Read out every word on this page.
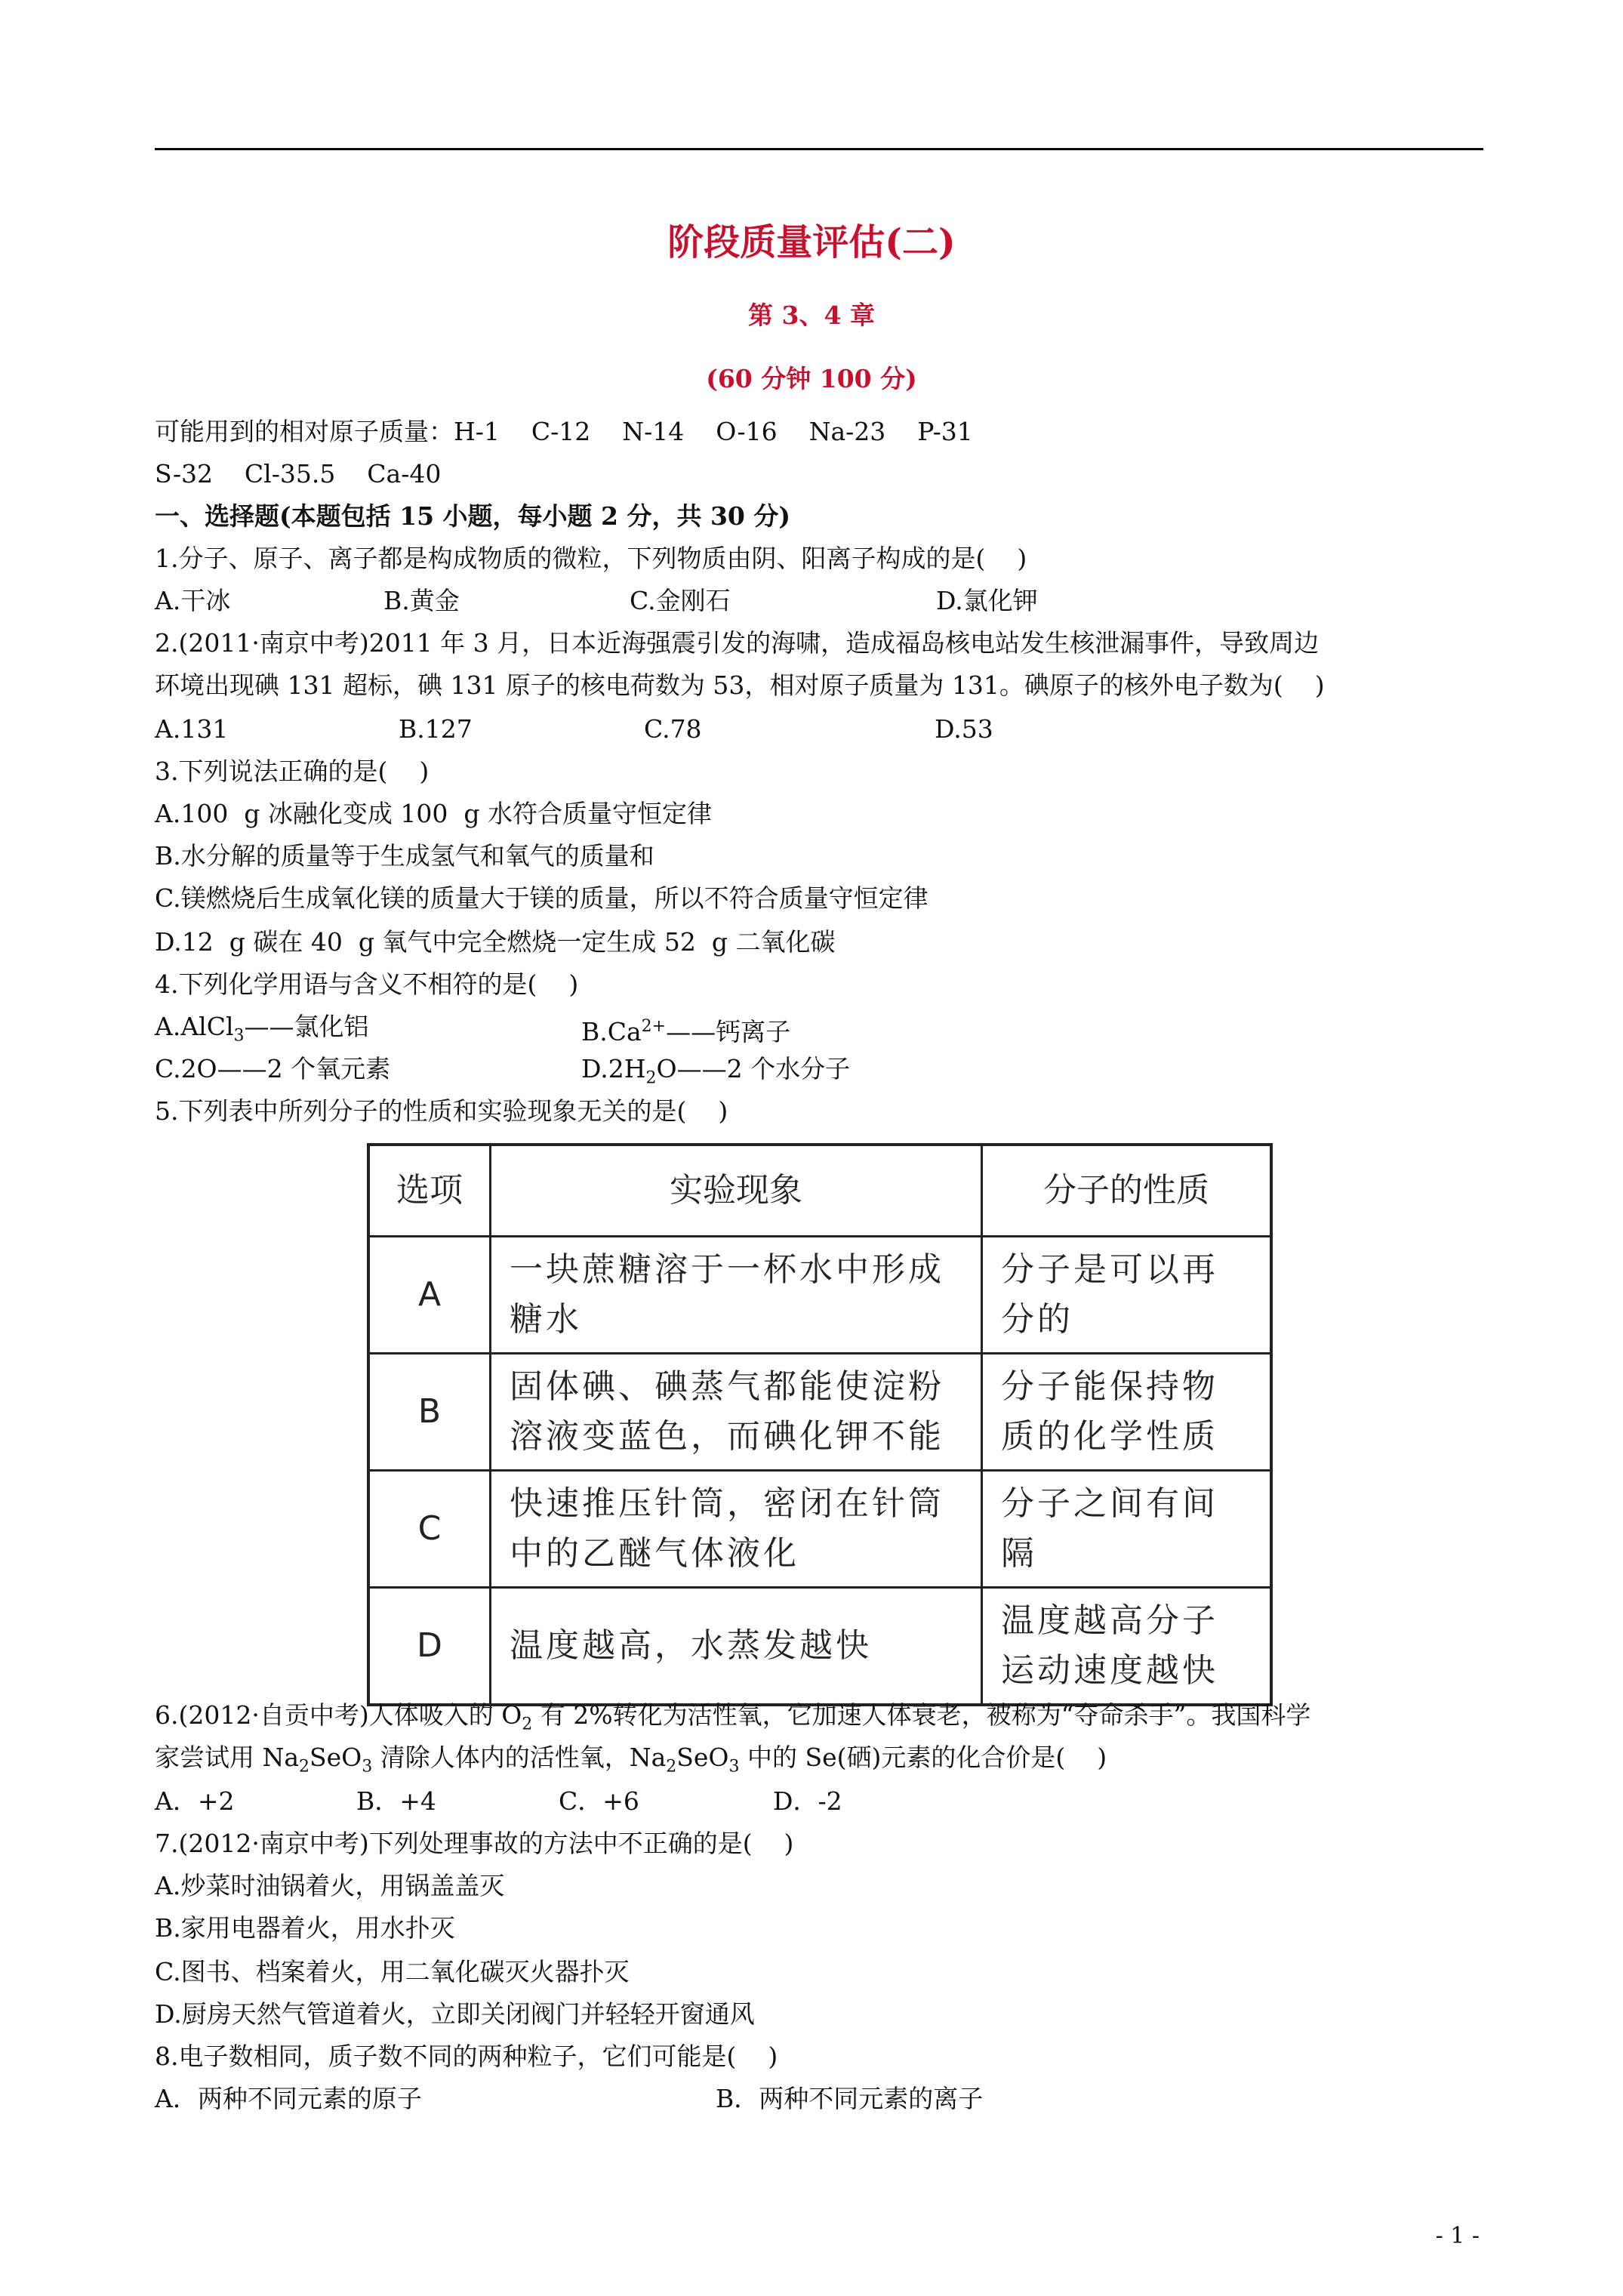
阶段质量评估(二)
第 3、4 章
(60 分钟 100 分)
可能用到的相对原子质量：H-1    C-12    N-14    O-16    Na-23    P-31
S-32    Cl-35.5    Ca-40
一、选择题(本题包括 15 小题，每小题 2 分，共 30 分)
1.分子、原子、离子都是构成物质的微粒，下列物质由阴、阳离子构成的是(    )
A.干冰	B.黄金	C.金刚石	D.氯化钾
2.(2011·南京中考)2011 年 3 月，日本近海强震引发的海啸，造成福岛核电站发生核泄漏事件，导致周边
环境出现碘 131 超标，碘 131 原子的核电荷数为 53，相对原子质量为 131。碘原子的核外电子数为(    )
A.131	B.127	C.78	D.53
3.下列说法正确的是(    )
A.100  g 冰融化变成 100  g 水符合质量守恒定律
B.水分解的质量等于生成氢气和氧气的质量和
C.镁燃烧后生成氧化镁的质量大于镁的质量，所以不符合质量守恒定律
D.12  g 碳在 40  g 氧气中完全燃烧一定生成 52  g 二氧化碳
4.下列化学用语与含义不相符的是(    )
A.AlCl$_3$——氯化铝	$B.Ca^{2+}——$钙离子
C.2O——2 个氧元素	$D.2H_2O——2$ 个水分子
5.下列表中所列分子的性质和实验现象无关的是(    )
选项	实验现象	分子的性质
A	一块蔗糖溶于一杯水中形成糖水	分子是可以再分的
B	固体碘、碘蒸气都能使淀粉溶液变蓝色，而碘化钾不能	分子能保持物质的化学性质
C	快速推压针筒，密闭在针筒中的乙醚气体液化	分子之间有间隔
D	温度越高，水蒸发越快	温度越高分子运动速度越快
6.(2012·自贡中考)人体吸入的 $O_2$ 有 2%转化为活性氧，它加速人体衰老，被称为“夺命杀手”。我国科学
家尝试用 $Na_2SeO_3$ 清除人体内的活性氧，$Na_2SeO_3$ 中的 Se(硒)元素的化合价是(    )
A．+2	B．+4	C．+6	D．-2
7.(2012·南京中考)下列处理事故的方法中不正确的是(    )
A.炒菜时油锅着火，用锅盖盖灭
B.家用电器着火，用水扑灭
C.图书、档案着火，用二氧化碳灭火器扑灭
D.厨房天然气管道着火，立即关闭阀门并轻轻开窗通风
8.电子数相同，质子数不同的两种粒子，它们可能是(    )
A．两种不同元素的原子	B．两种不同元素的离子
- 1 -
